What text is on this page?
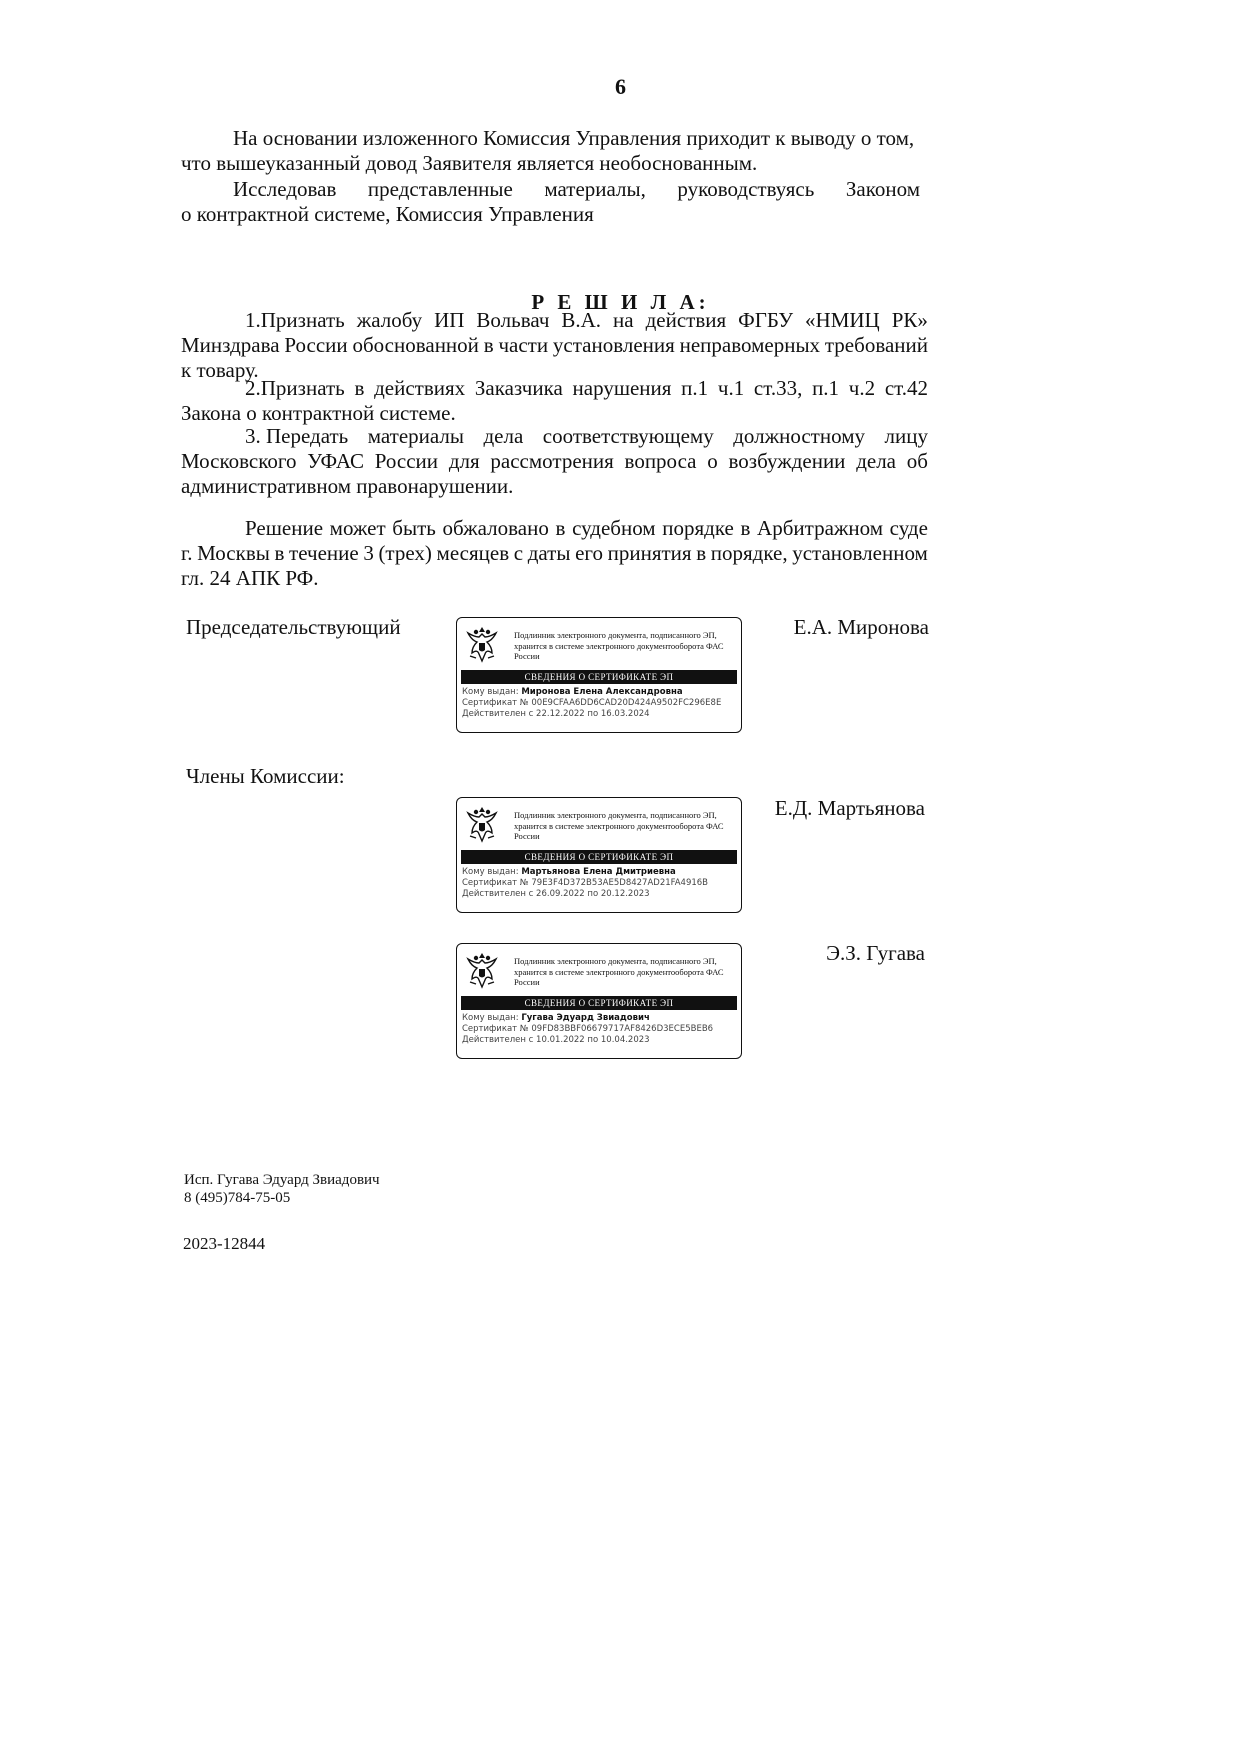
6
На основании изложенного Комиссия Управления приходит к выводу о том,
что вышеуказанный довод Заявителя является необоснованным.
Исследовав представленные материалы, руководствуясь Законом
о контрактной системе, Комиссия Управления
Р Е Ш И Л А:
1.Признать жалобу ИП Вольвач В.А. на действия ФГБУ «НМИЦ РК»
Минздрава России обоснованной в части установления неправомерных требований
к товару.
2.Признать в действиях Заказчика нарушения п.1 ч.1 ст.33, п.1 ч.2 ст.42
Закона о контрактной системе.
3. Передать материалы дела соответствующему должностному лицу
Московского УФАС России для рассмотрения вопроса о возбуждении дела об
административном правонарушении.
Решение может быть обжаловано в судебном порядке в Арбитражном суде
г. Москвы в течение 3 (трех) месяцев с даты его принятия в порядке, установленном
гл. 24 АПК РФ.
Председательствующий	Е.А. Миронова
Члены Комиссии:
Е.Д. Мартьянова
Э.З. Гугава
Подлинник электронного документа, подписанного ЭП, хранится в системе электронного документооборота ФАС России
СВЕДЕНИЯ О СЕРТИФИКАТЕ ЭП
Кому выдан: Миронова Елена Александровна
Сертификат № 00E9CFAA6DD6CAD20D424A9502FC296E8E
Действителен с 22.12.2022 по 16.03.2024
Подлинник электронного документа, подписанного ЭП, хранится в системе электронного документооборота ФАС России
СВЕДЕНИЯ О СЕРТИФИКАТЕ ЭП
Кому выдан: Мартьянова Елена Дмитриевна
Сертификат № 79E3F4D372B53AE5D8427AD21FA4916B
Действителен с 26.09.2022 по 20.12.2023
Подлинник электронного документа, подписанного ЭП, хранится в системе электронного документооборота ФАС России
СВЕДЕНИЯ О СЕРТИФИКАТЕ ЭП
Кому выдан: Гугава Эдуард Звиадович
Сертификат № 09FD83BBF06679717AF8426D3ECE5BEB6
Действителен с 10.01.2022 по 10.04.2023
Исп. Гугава Эдуард Звиадович
8 (495)784-75-05
2023-12844
